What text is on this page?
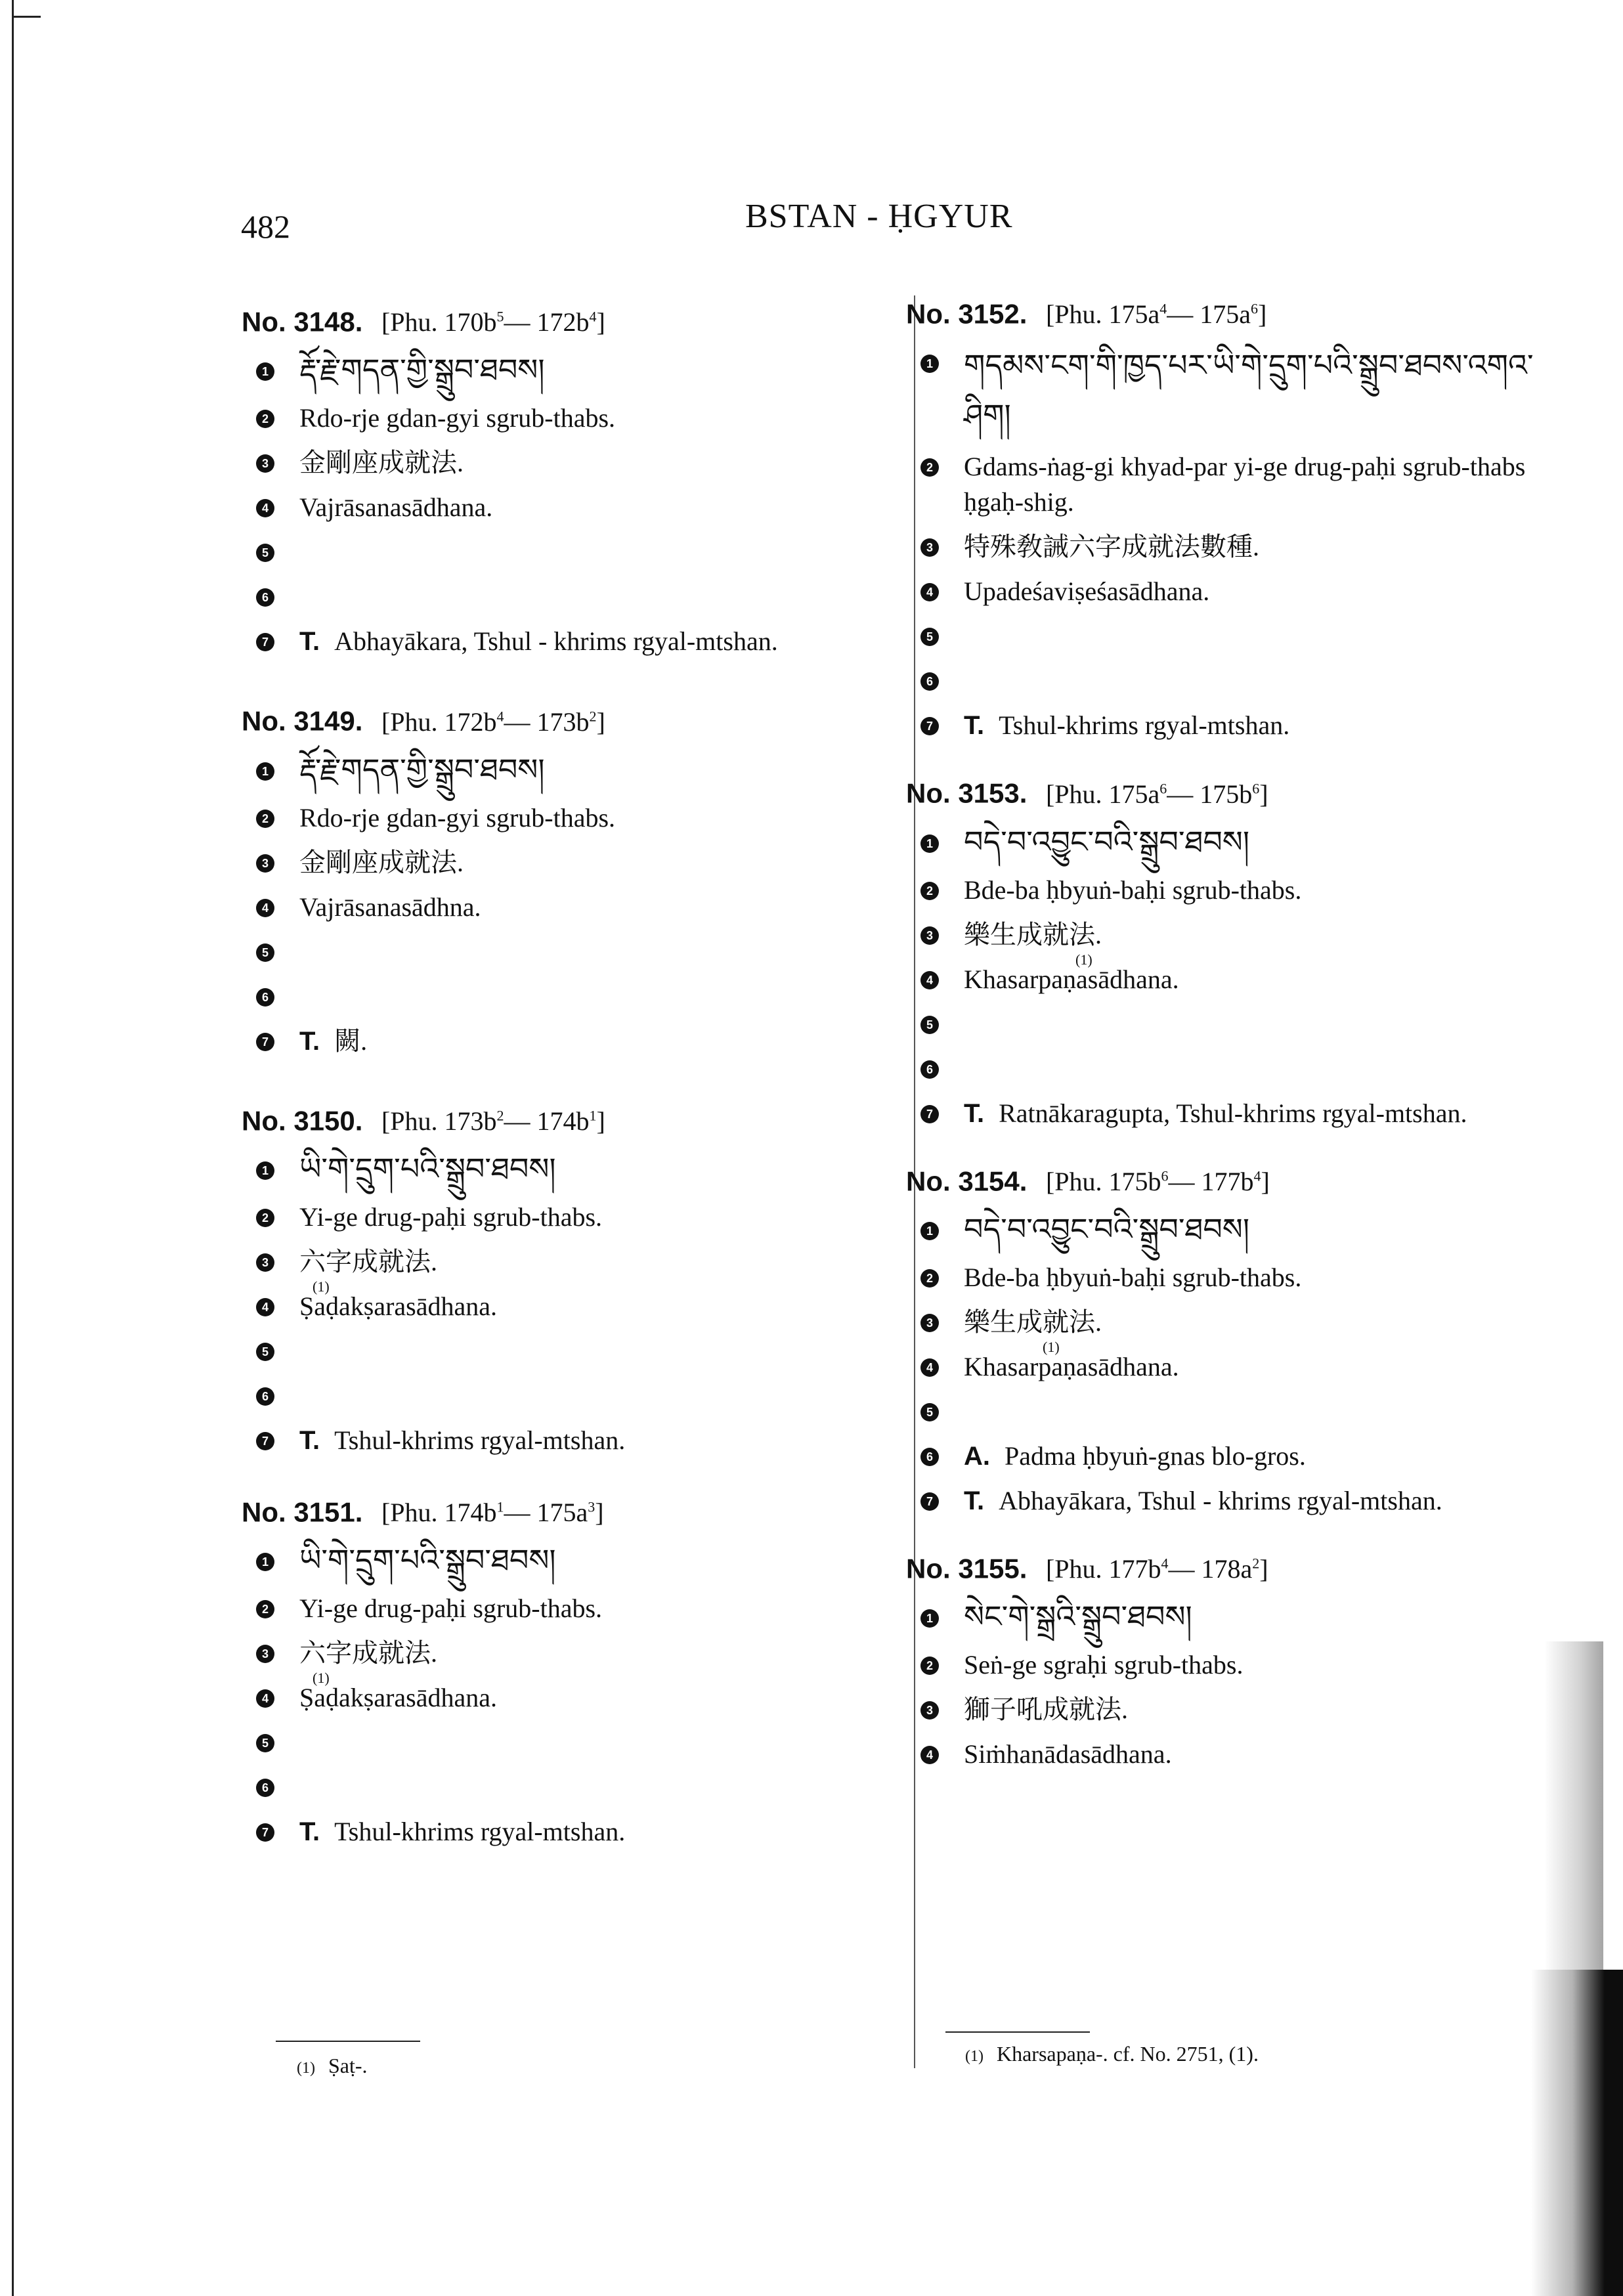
482	BSTAN - ḤGYUR
No. 3148. [Phu. $170b^5—$ $172b^4$]
1 རྡོ་རྗེ་གདན་གྱི་སྒྲུབ་ཐབས།
2 Rdo-rje gdan-gyi sgrub-thabs.
3 金剛座成就法.
4 Vajrāsanasādhana.
5
6
7 T. Abhayākara, Tshul - khrims rgyal-mtshan.
No. 3149. [Phu. $172b^4—$ $173b^2$]
1 རྡོ་རྗེ་གདན་གྱི་སྒྲུབ་ཐབས།
2 Rdo-rje gdan-gyi sgrub-thabs.
3 金剛座成就法.
4 Vajrāsanasādhna.
5
6
7 T. 闕.
No. 3150. [Phu. $173b^2—$ $174b^1$]
1 ཡི་གེ་དྲུག་པའི་སྒྲུབ་ཐབས།
2 Yi-ge drug-paḥi sgrub-thabs.
3 六字成就法.
4
(1)
Ṣaḍakṣarasādhana.
5
6
7 T. Tshul-khrims rgyal-mtshan.
No. 3151. [Phu. $174b^1—$ $175a^3$]
1 ཡི་གེ་དྲུག་པའི་སྒྲུབ་ཐབས།
2 Yi-ge drug-paḥi sgrub-thabs.
3 六字成就法.
4
(1)
Ṣaḍakṣarasādhana.
5
6
7 T. Tshul-khrims rgyal-mtshan.
(1) Ṣaṭ-.
No. 3152. [Phu. $175a^4—$ $175a^6$]
1 གདམས་ངག་གི་ཁྱད་པར་ཡི་གེ་དྲུག་པའི་སྒྲུབ་ཐབས་འགའ་ཤིག།
2 Gdams-ṅag-gi khyad-par yi-ge drug-paḥi sgrub-thabs ḥgaḥ-shig.
3 特殊敎誡六字成就法數種.
4 Upadeśaviṣeśasādhana.
5
6
7 T. Tshul-khrims rgyal-mtshan.
No. 3153. [Phu. $175a^6—$ $175b^6$]
1 བདེ་བ་འབྱུང་བའི་སྒྲུབ་ཐབས།
2 Bde-ba ḥbyuṅ-baḥi sgrub-thabs.
3 樂生成就法.
4
(1)
Khasarpaṇasādhana.
5
6
7 T. Ratnākaragupta, Tshul-khrims rgyal-mtshan.
No. 3154. [Phu. $175b^6—$ $177b^4$]
1 བདེ་བ་འབྱུང་བའི་སྒྲུབ་ཐབས།
2 Bde-ba ḥbyuṅ-baḥi sgrub-thabs.
3 樂生成就法.
4
(1)
Khasarpaṇasādhana.
5
6 A. Padma ḥbyuṅ-gnas blo-gros.
7 T. Abhayākara, Tshul - khrims rgyal-mtshan.
No. 3155. [Phu. $177b^4—$ $178a^2$]
1 སེང་གེ་སྒྲའི་སྒྲུབ་ཐབས།
2 Seṅ-ge sgraḥi sgrub-thabs.
3 獅子吼成就法.
4 Siṁhanādasādhana.
(1) Kharsapaṇa-. cf. No. 2751, (1).
